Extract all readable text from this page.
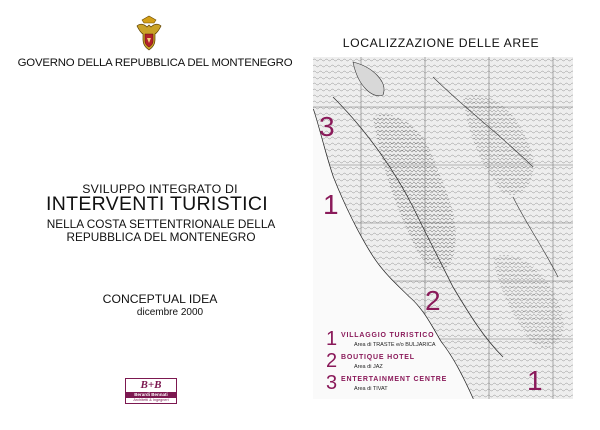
GOVERNO DELLA REPUBBLICA DEL MONTENEGRO
LOCALIZZAZIONE DELLE AREE
SVILUPPO INTEGRATO DI
INTERVENTI TURISTICI
NELLA COSTA SETTENTRIONALE DELLA
REPUBBLICA DEL MONTENEGRO
CONCEPTUAL IDEA
dicembre 2000
B+B
Berardi Bennati
Architetti & Ingegneri
3
1
2
1
1 VILLAGGIO TURISTICO
Area di TRASTE e/o BULJARICA
2 BOUTIQUE HOTEL
Area di JAZ
3 ENTERTAINMENT CENTRE
Area di TIVAT
